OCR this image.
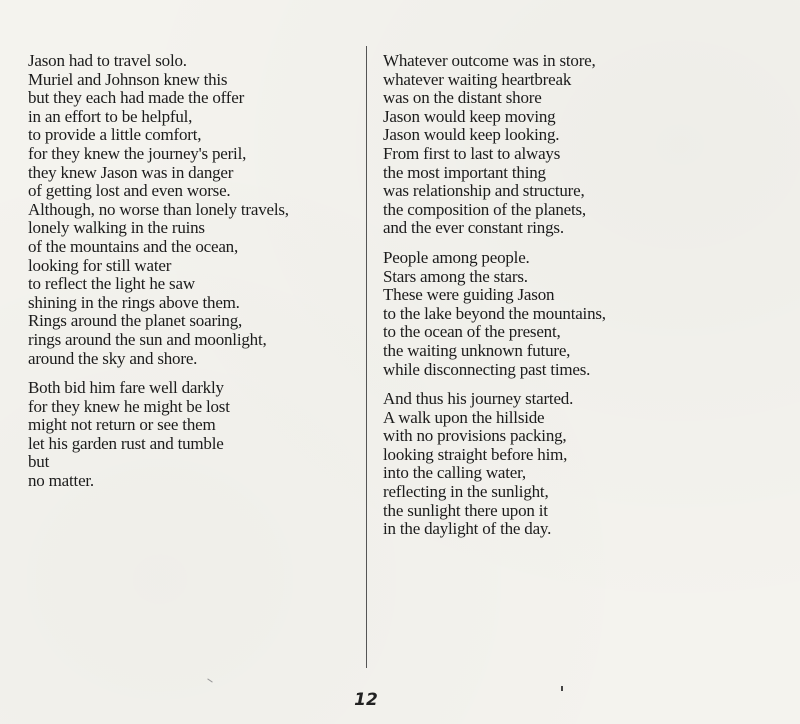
Jason had to travel solo.
Muriel and Johnson knew this
but they each had made the offer
in an effort to be helpful,
to provide a little comfort,
for they knew the journey's peril,
they knew Jason was in danger
of getting lost and even worse.
Although, no worse than lonely travels,
lonely walking in the ruins
of the mountains and the ocean,
looking for still water
to reflect the light he saw
shining in the rings above them.
Rings around the planet soaring,
rings around the sun and moonlight,
around the sky and shore.

Both bid him fare well darkly
for they knew he might be lost
might not return or see them
let his garden rust and tumble
but
no matter.

Whatever outcome was in store,
whatever waiting heartbreak
was on the distant shore
Jason would keep moving
Jason would keep looking.
From first to last to always
the most important thing
was relationship and structure,
the composition of the planets,
and the ever constant rings.

People among people.
Stars among the stars.
These were guiding Jason
to the lake beyond the mountains,
to the ocean of the present,
the waiting unknown future,
while disconnecting past times.

And thus his journey started.
A walk upon the hillside
with no provisions packing,
looking straight before him,
into the calling water,
reflecting in the sunlight,
the sunlight there upon it
in the daylight of the day.

12
